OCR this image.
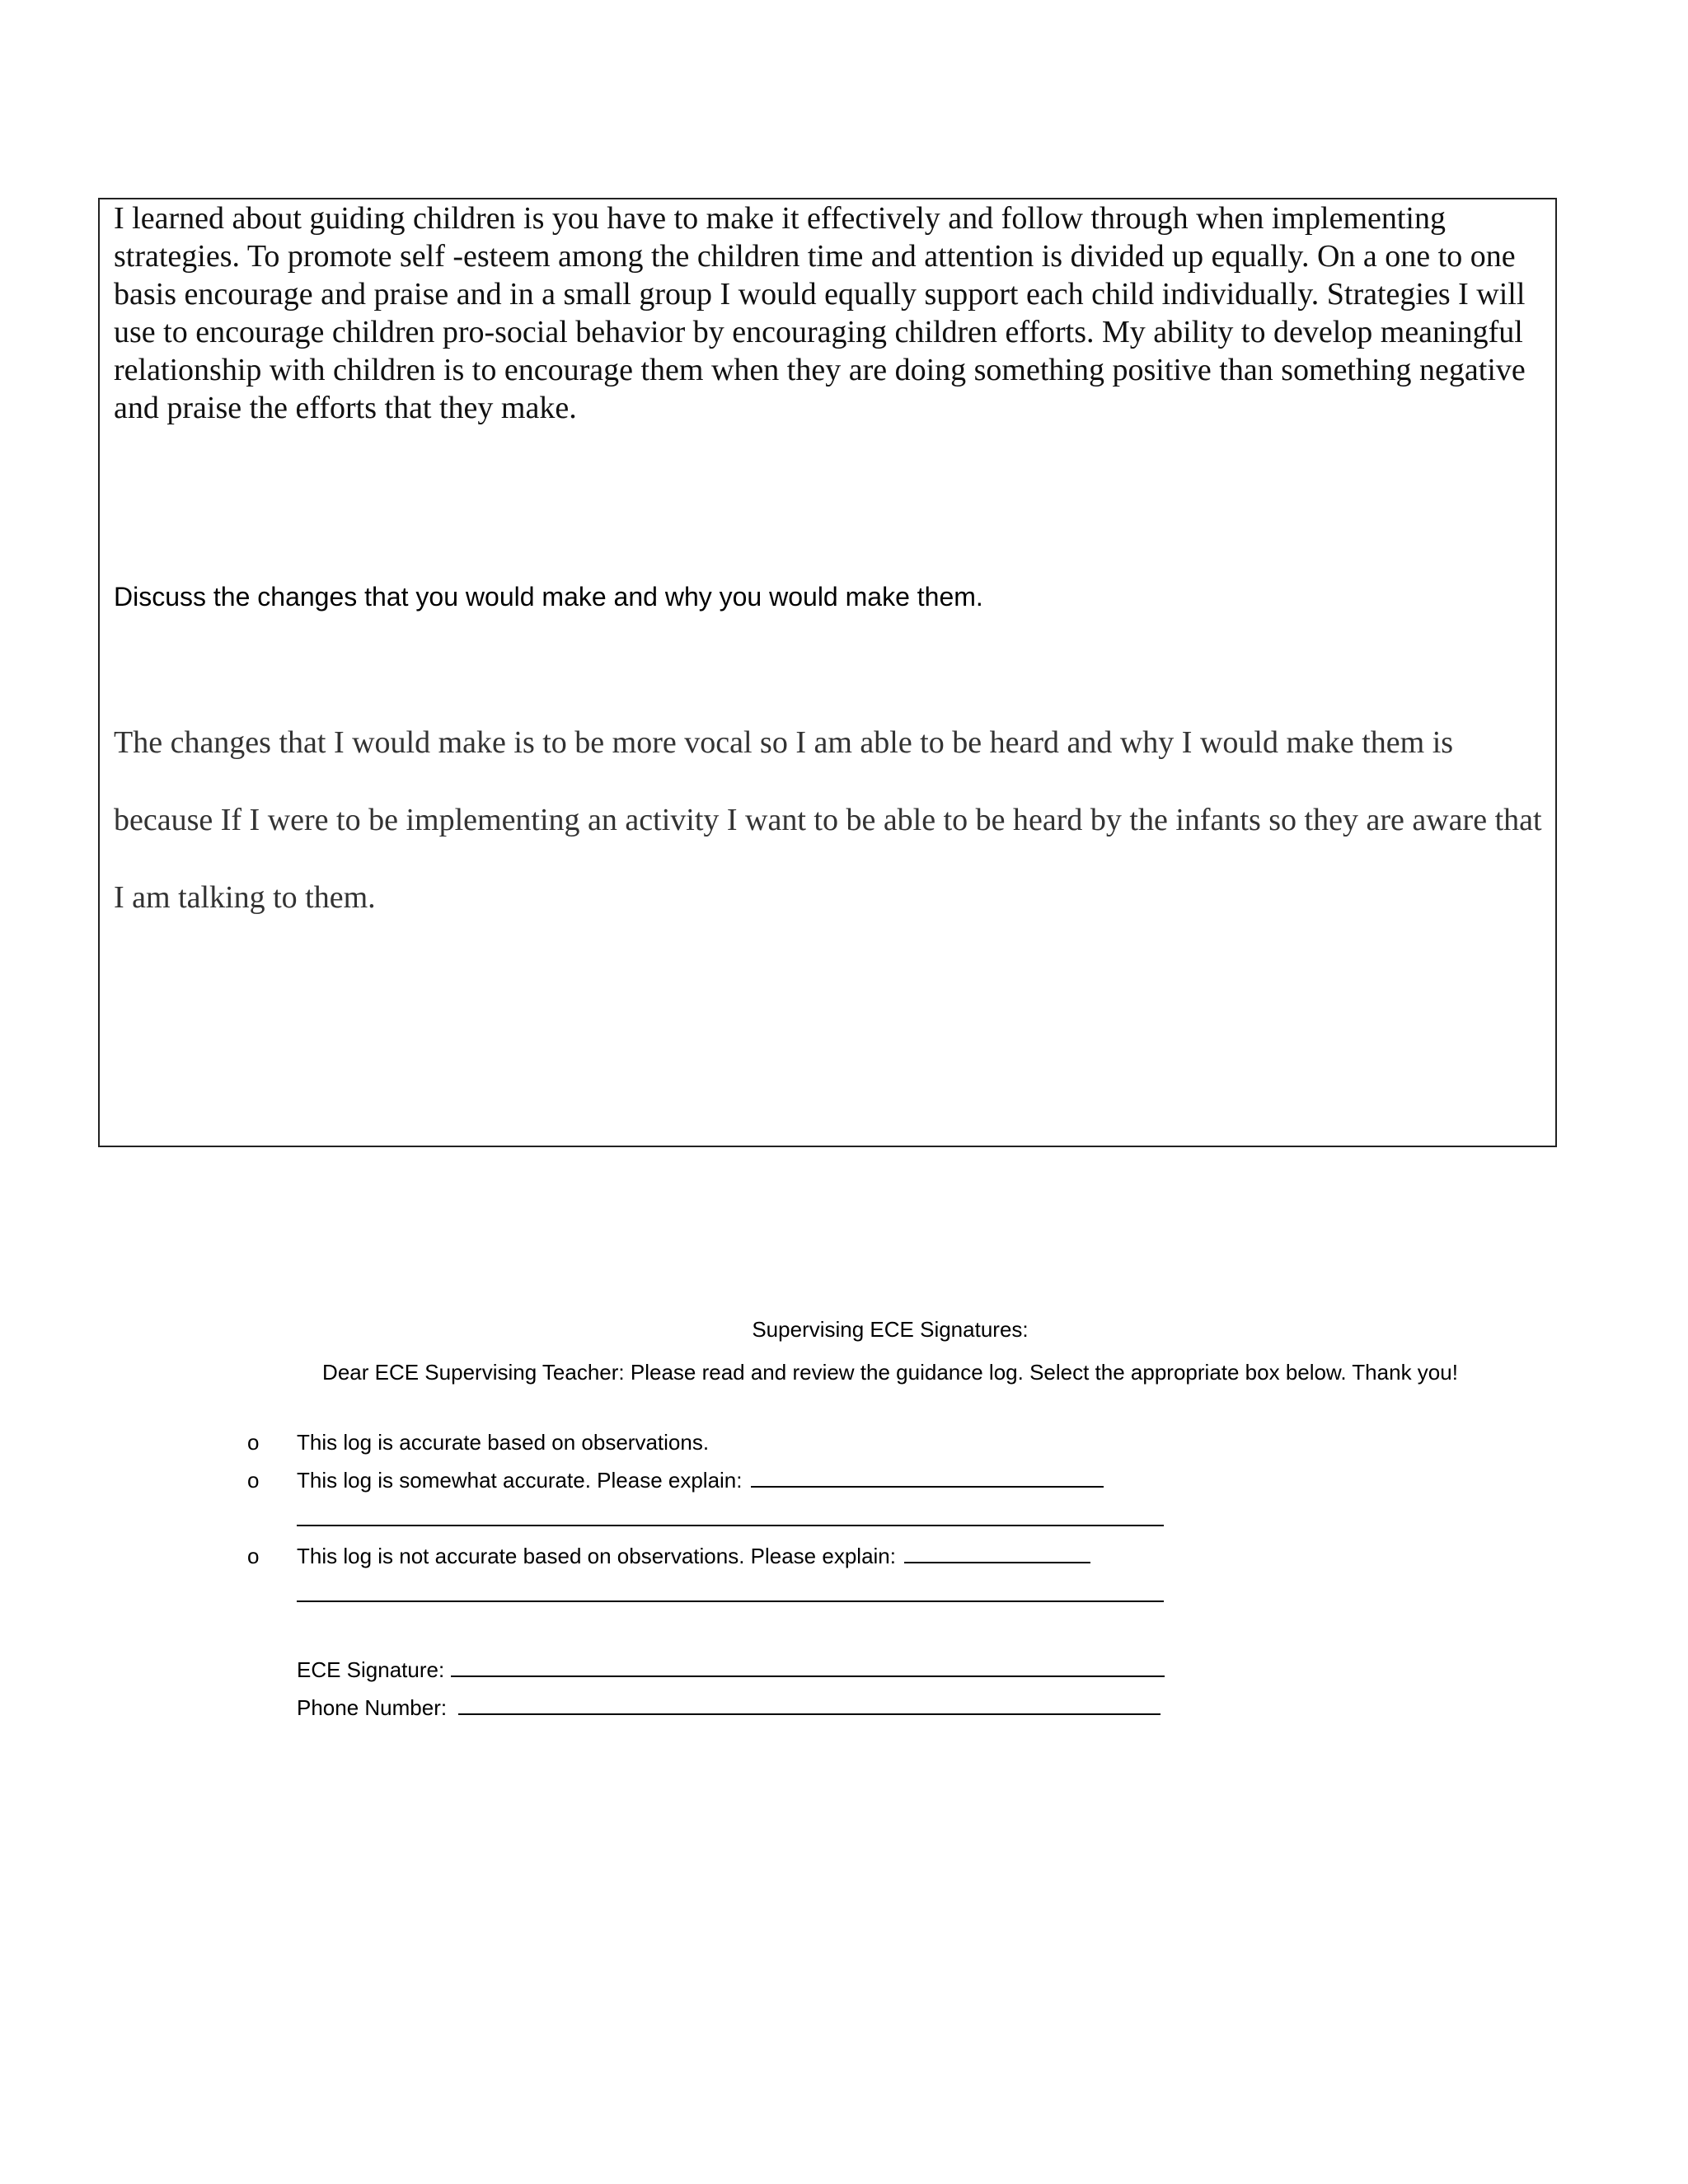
I learned about guiding children is you have to make it effectively and follow through when implementing strategies. To promote self -esteem among the children time and attention is divided up equally. On a one to one basis encourage and praise and in a small group I would equally support each child individually. Strategies I will use to encourage children pro-social behavior by encouraging children efforts. My ability to develop meaningful relationship with children is to encourage them when they are doing something positive than something negative and praise the efforts that they make.

Discuss the changes that you would make and why you would make them.

The changes that I would make is to be more vocal so I am able to be heard and why I would make them is because If I were to be implementing an activity I want to be able to be heard by the infants so they are aware that I am talking to them.

Supervising ECE Signatures:

Dear ECE Supervising Teacher: Please read and review the guidance log. Select the appropriate box below. Thank you!

o This log is accurate based on observations.
o This log is somewhat accurate. Please explain:
o This log is not accurate based on observations. Please explain:
ECE Signature:
Phone Number:
